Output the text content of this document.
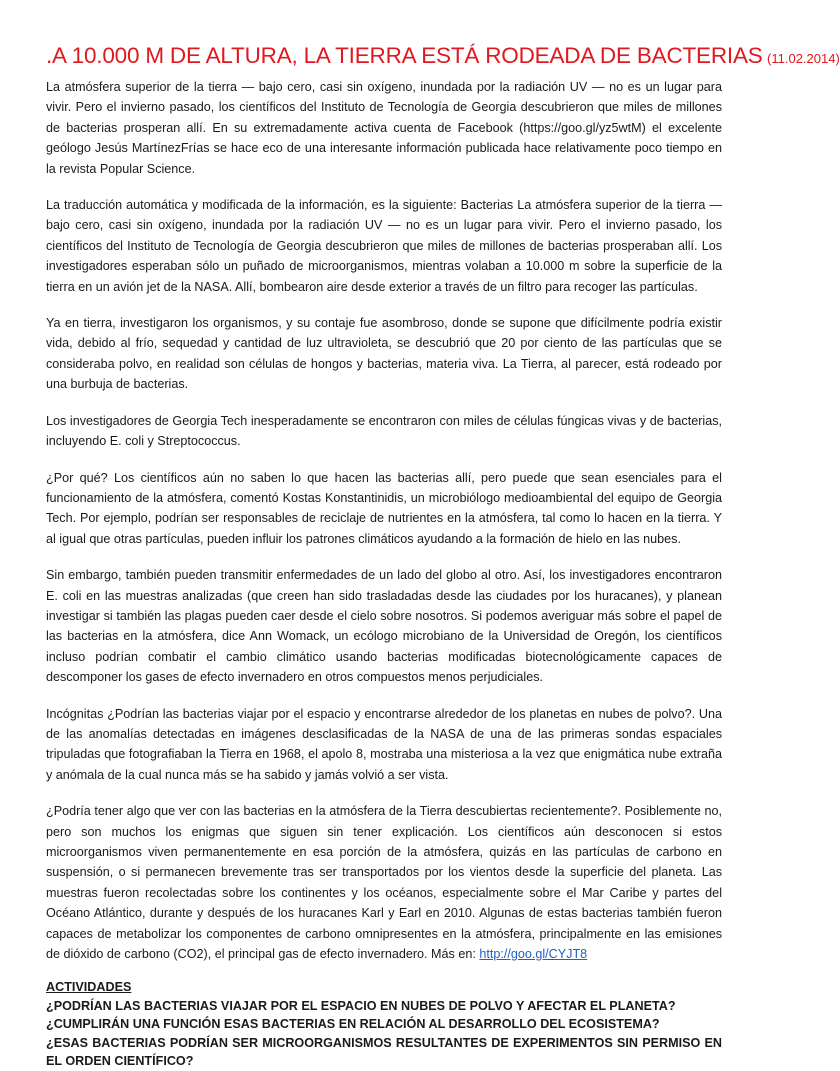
.A 10.000 M DE ALTURA, LA TIERRA ESTÁ RODEADA DE BACTERIAS (11.02.2014)

La atmósfera superior de la tierra — bajo cero, casi sin oxígeno, inundada por la radiación UV — no es un lugar para vivir. Pero el invierno pasado, los científicos del Instituto de Tecnología de Georgia descubrieron que miles de millones de bacterias prosperan allí. En su extremadamente activa cuenta de Facebook (https://goo.gl/yz5wtM) el excelente geólogo Jesús MartínezFrías se hace eco de una interesante información publicada hace relativamente poco tiempo en la revista Popular Science.

La traducción automática y modificada de la información, es la siguiente: Bacterias La atmósfera superior de la tierra — bajo cero, casi sin oxígeno, inundada por la radiación UV — no es un lugar para vivir. Pero el invierno pasado, los científicos del Instituto de Tecnología de Georgia descubrieron que miles de millones de bacterias prosperaban allí. Los investigadores esperaban sólo un puñado de microorganismos, mientras volaban a 10.000 m sobre la superficie de la tierra en un avión jet de la NASA. Allí, bombearon aire desde exterior a través de un filtro para recoger las partículas.

Ya en tierra, investigaron los organismos, y su contaje fue asombroso, donde se supone que difícilmente podría existir vida, debido al frío, sequedad y cantidad de luz ultravioleta, se descubrió que 20 por ciento de las partículas que se consideraba polvo, en realidad son células de hongos y bacterias, materia viva. La Tierra, al parecer, está rodeado por una burbuja de bacterias.

Los investigadores de Georgia Tech inesperadamente se encontraron con miles de células fúngicas vivas y de bacterias, incluyendo E. coli y Streptococcus.

¿Por qué? Los científicos aún no saben lo que hacen las bacterias allí, pero puede que sean esenciales para el funcionamiento de la atmósfera, comentó Kostas Konstantinidis, un microbiólogo medioambiental del equipo de Georgia Tech. Por ejemplo, podrían ser responsables de reciclaje de nutrientes en la atmósfera, tal como lo hacen en la tierra. Y al igual que otras partículas, pueden influir los patrones climáticos ayudando a la formación de hielo en las nubes.

Sin embargo, también pueden transmitir enfermedades de un lado del globo al otro. Así, los investigadores encontraron E. coli en las muestras analizadas (que creen han sido trasladadas desde las ciudades por los huracanes), y planean investigar si también las plagas pueden caer desde el cielo sobre nosotros. Si podemos averiguar más sobre el papel de las bacterias en la atmósfera, dice Ann Womack, un ecólogo microbiano de la Universidad de Oregón, los científicos incluso podrían combatir el cambio climático usando bacterias modificadas biotecnológicamente capaces de descomponer los gases de efecto invernadero en otros compuestos menos perjudiciales.

Incógnitas ¿Podrían las bacterias viajar por el espacio y encontrarse alrededor de los planetas en nubes de polvo?. Una de las anomalías detectadas en imágenes desclasificadas de la NASA de una de las primeras sondas espaciales tripuladas que fotografiaban la Tierra en 1968, el apolo 8, mostraba una misteriosa a la vez que enigmática nube extraña y anómala de la cual nunca más se ha sabido y jamás volvió a ser vista.

¿Podría tener algo que ver con las bacterias en la atmósfera de la Tierra descubiertas recientemente?. Posiblemente no, pero son muchos los enigmas que siguen sin tener explicación. Los científicos aún desconocen si estos microorganismos viven permanentemente en esa porción de la atmósfera, quizás en las partículas de carbono en suspensión, o si permanecen brevemente tras ser transportados por los vientos desde la superficie del planeta. Las muestras fueron recolectadas sobre los continentes y los océanos, especialmente sobre el Mar Caribe y partes del Océano Atlántico, durante y después de los huracanes Karl y Earl en 2010. Algunas de estas bacterias también fueron capaces de metabolizar los componentes de carbono omnipresentes en la atmósfera, principalmente en las emisiones de dióxido de carbono (CO2), el principal gas de efecto invernadero. Más en: http://goo.gl/CYJT8

ACTIVIDADES
¿PODRÍAN LAS BACTERIAS VIAJAR POR EL ESPACIO EN NUBES DE POLVO Y AFECTAR EL PLANETA?
¿CUMPLIRÁN UNA FUNCIÓN ESAS BACTERIAS EN RELACIÓN AL DESARROLLO DEL ECOSISTEMA?
¿ESAS BACTERIAS PODRÍAN SER MICROORGANISMOS RESULTANTES DE EXPERIMENTOS SIN PERMISO EN EL ORDEN CIENTÍFICO?
